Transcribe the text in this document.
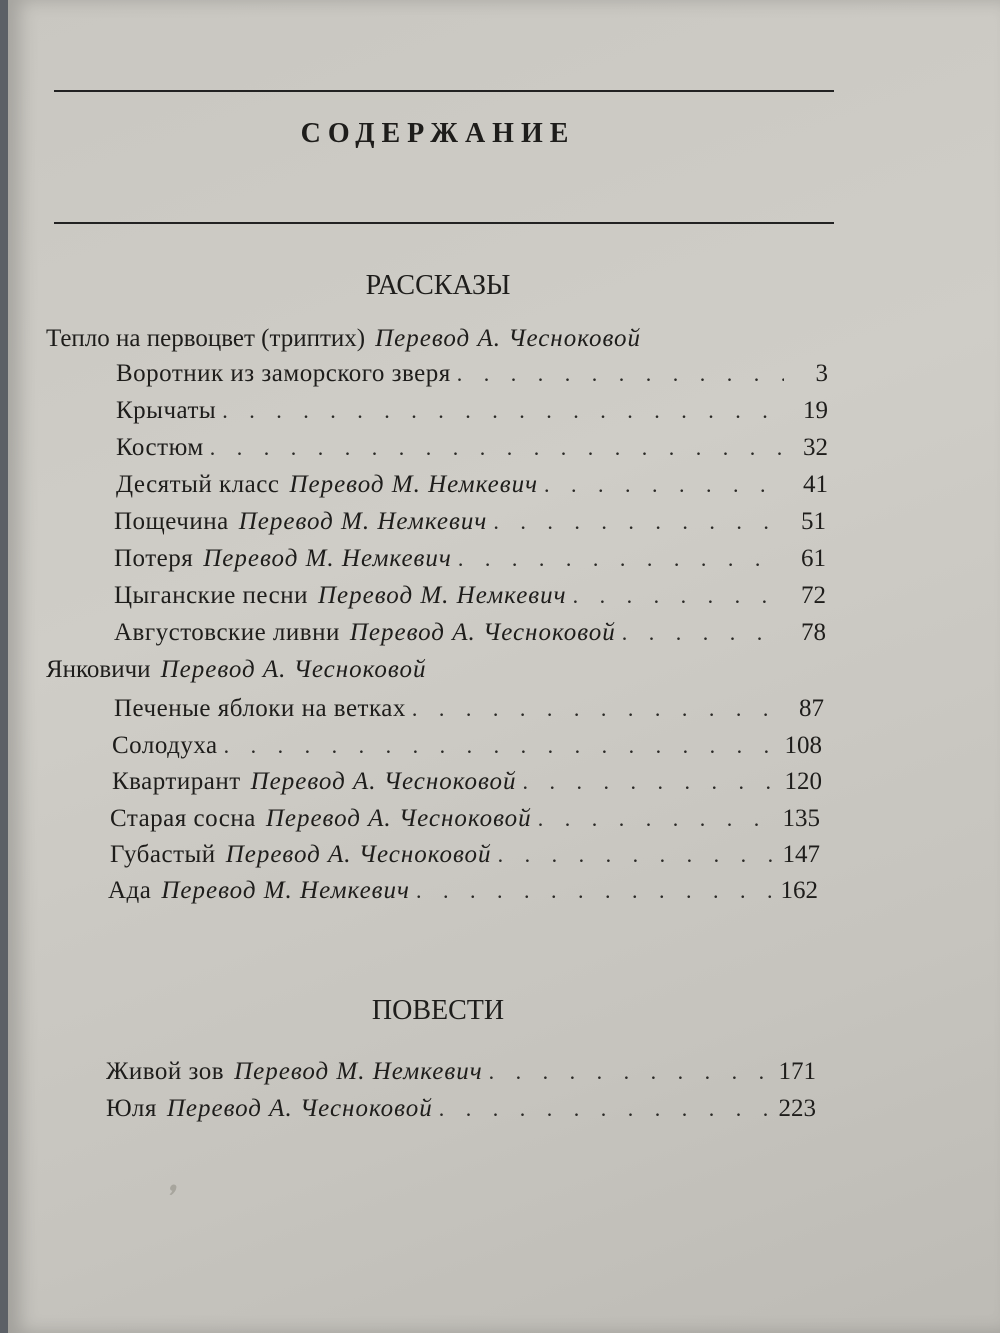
СОДЕРЖАНИЕ
РАССКАЗЫ
Тепло на первоцвет (триптих) Перевод А. Чесноковой
Воротник из заморского зверя . . .	3
Крычаты . . .	19
Костюм . . .	32
Десятый класс Перевод М. Немкевич . . .	41
Пощечина Перевод М. Немкевич . . .	51
Потеря Перевод М. Немкевич . . .	61
Цыганские песни Перевод М. Немкевич . . .	72
Августовские ливни Перевод А. Чесноковой . . .	78
Янковичи Перевод А. Чесноковой
Печеные яблоки на ветках . . .	87
Солодуха . . .	108
Квартирант Перевод А. Чесноковой . . .	120
Старая сосна Перевод А. Чесноковой . . .	135
Губастый Перевод А. Чесноковой . . .	147
Ада Перевод М. Немкевич . . .	162
ПОВЕСТИ
Живой зов Перевод М. Немкевич . . .	171
Юля Перевод А. Чесноковой . . .	223
᾿
